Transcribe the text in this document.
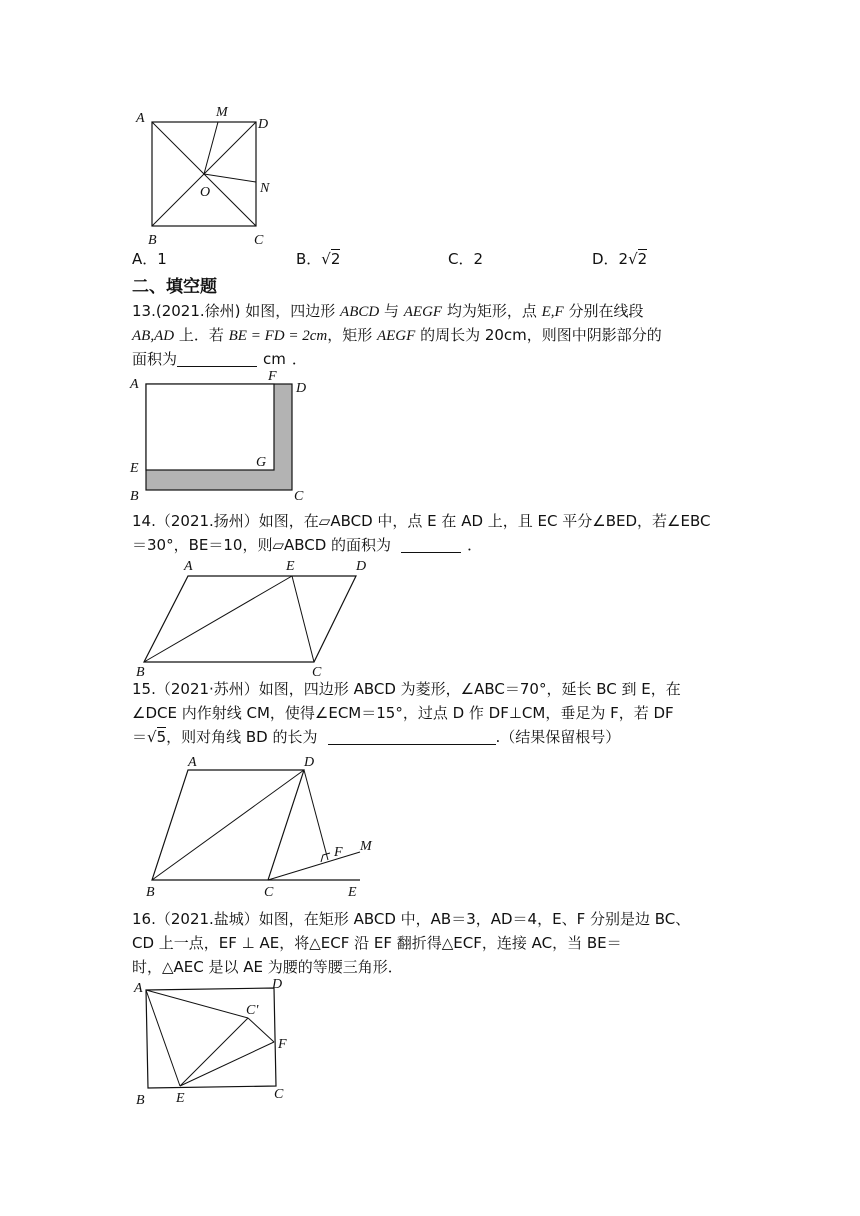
A	M
D
O	N
B	C
A．1	B．√2	C．2	D．2√2
二、填空题
13.(2021.徐州) 如图，四边形 ABCD 与 AEGF 均为矩形，点 E,F 分别在线段
AB,AD 上．若 BE = FD = 2cm，矩形 AEGF 的周长为 20cm，则图中阴影部分的
面积为	cm ．
A
F
D
E	G
B	C
14.（2021.扬州）如图，在▱ABCD 中，点 E 在 AD 上，且 EC 平分∠BED，若∠EBC
＝30°，BE＝10，则▱ABCD 的面积为	．
A	E	D
B	C
15.（2021·苏州）如图，四边形 ABCD 为菱形，∠ABC＝70°，延长 BC 到 E，在
∠DCE 内作射线 CM，使得∠ECM＝15°，过点 D 作 DF⊥CM，垂足为 F，若 DF
＝√5，则对角线 BD 的长为	.（结果保留根号）
A	D
F M
B	C	E
16.（2021.盐城）如图，在矩形 ABCD 中，AB＝3，AD＝4，E、F 分别是边 BC、
CD 上一点，EF ⊥ AE，将△ECF 沿 EF 翻折得△ECF，连接 AC，当 BE＝
时，△AEC 是以 AE 为腰的等腰三角形．
A	D
C'
F
B E	C
